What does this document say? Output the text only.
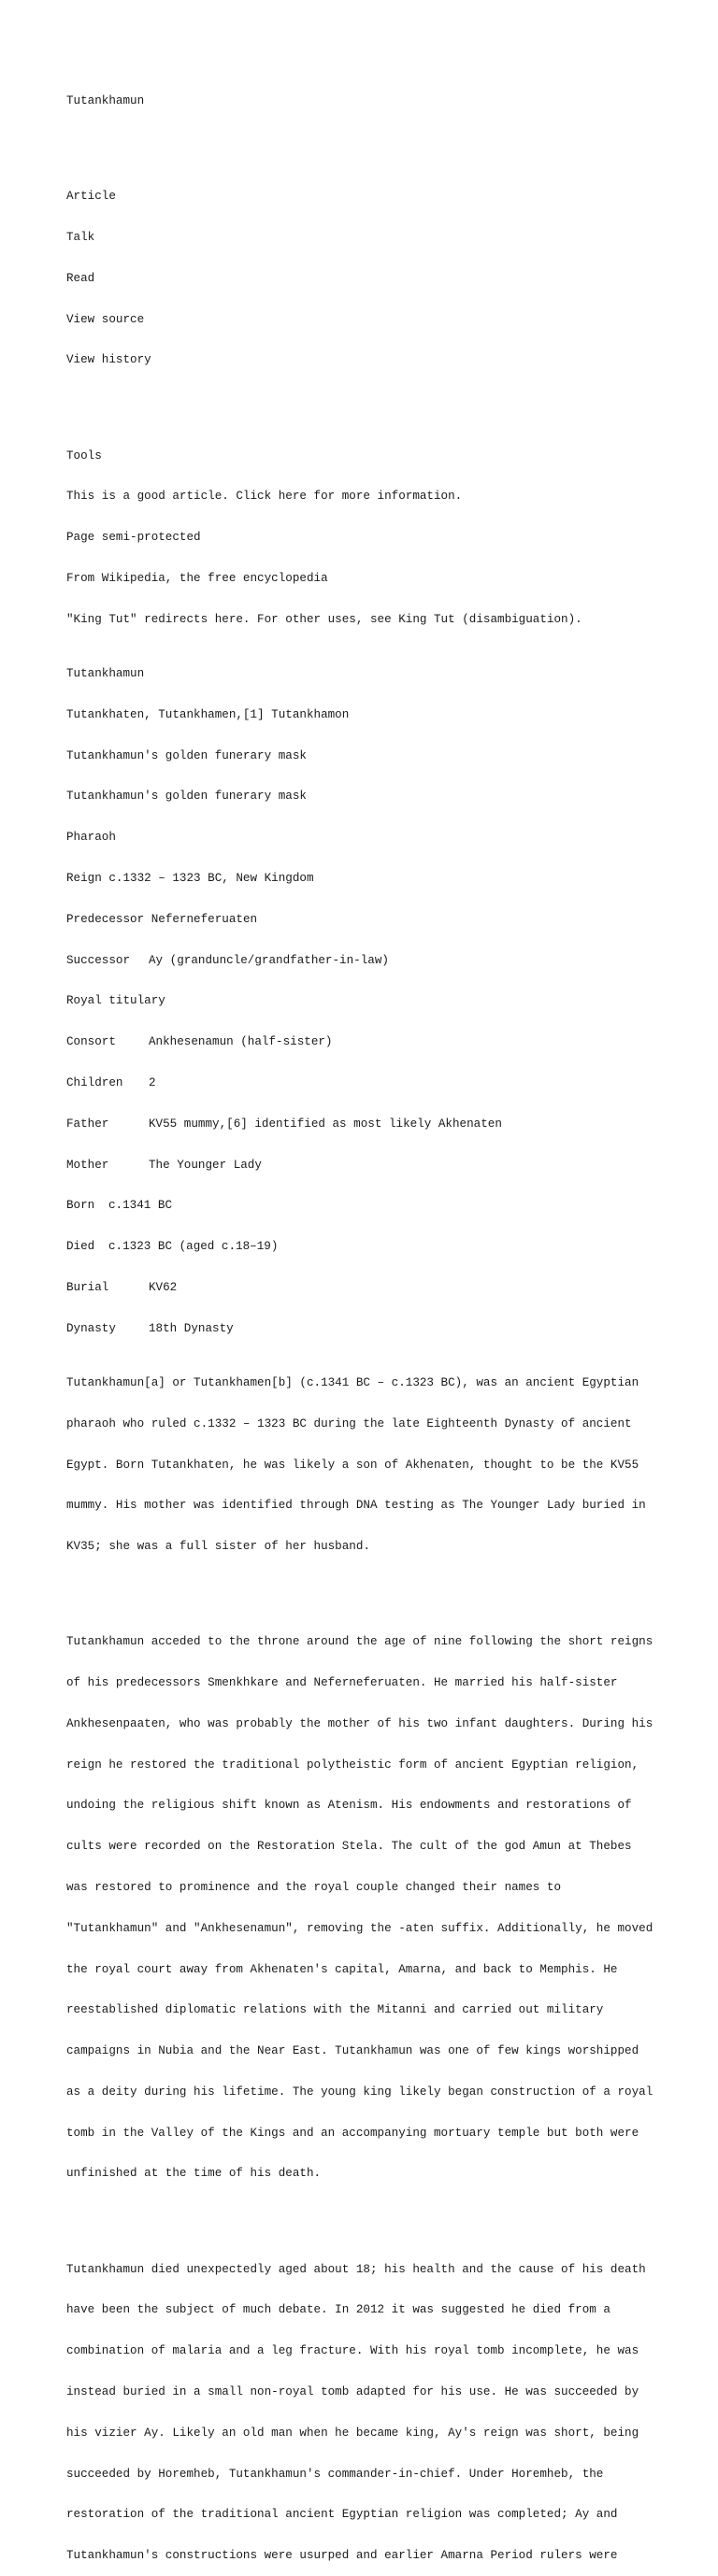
Tutankhamun

Article

Talk

Read

View source

View history

Tools

This is a good article. Click here for more information.

Page semi-protected

From Wikipedia, the free encyclopedia

"King Tut" redirects here. For other uses, see King Tut (disambiguation).

Tutankhamun

Tutankhaten, Tutankhamen,[1] Tutankhamon

Tutankhamun's golden funerary mask

Tutankhamun's golden funerary mask

Pharaoh

Reign c.1332 – 1323 BC, New Kingdom

Predecessor Neferneferuaten

Successor Ay (granduncle/grandfather-in-law)

Royal titulary

Consort	Ankhesenamun (half-sister)

Children 2

Father	KV55 mummy,[6] identified as most likely Akhenaten

Mother	The Younger Lady

Born c.1341 BC

Died c.1323 BC (aged c.18–19)

Burial	KV62

Dynasty	18th Dynasty

Tutankhamun[a] or Tutankhamen[b] (c.1341 BC – c.1323 BC), was an ancient Egyptian

pharaoh who ruled c.1332 – 1323 BC during the late Eighteenth Dynasty of ancient

Egypt. Born Tutankhaten, he was likely a son of Akhenaten, thought to be the KV55

mummy. His mother was identified through DNA testing as The Younger Lady buried in

KV35; she was a full sister of her husband.

Tutankhamun acceded to the throne around the age of nine following the short reigns

of his predecessors Smenkhkare and Neferneferuaten. He married his half-sister

Ankhesenpaaten, who was probably the mother of his two infant daughters. During his

reign he restored the traditional polytheistic form of ancient Egyptian religion,

undoing the religious shift known as Atenism. His endowments and restorations of

cults were recorded on the Restoration Stela. The cult of the god Amun at Thebes

was restored to prominence and the royal couple changed their names to

"Tutankhamun" and "Ankhesenamun", removing the -aten suffix. Additionally, he moved

the royal court away from Akhenaten's capital, Amarna, and back to Memphis. He

reestablished diplomatic relations with the Mitanni and carried out military

campaigns in Nubia and the Near East. Tutankhamun was one of few kings worshipped

as a deity during his lifetime. The young king likely began construction of a royal

tomb in the Valley of the Kings and an accompanying mortuary temple but both were

unfinished at the time of his death.

Tutankhamun died unexpectedly aged about 18; his health and the cause of his death

have been the subject of much debate. In 2012 it was suggested he died from a

combination of malaria and a leg fracture. With his royal tomb incomplete, he was

instead buried in a small non-royal tomb adapted for his use. He was succeeded by

his vizier Ay. Likely an old man when he became king, Ay's reign was short, being

succeeded by Horemheb, Tutankhamun's commander-in-chief. Under Horemheb, the

restoration of the traditional ancient Egyptian religion was completed; Ay and

Tutankhamun's constructions were usurped and earlier Amarna Period rulers were
